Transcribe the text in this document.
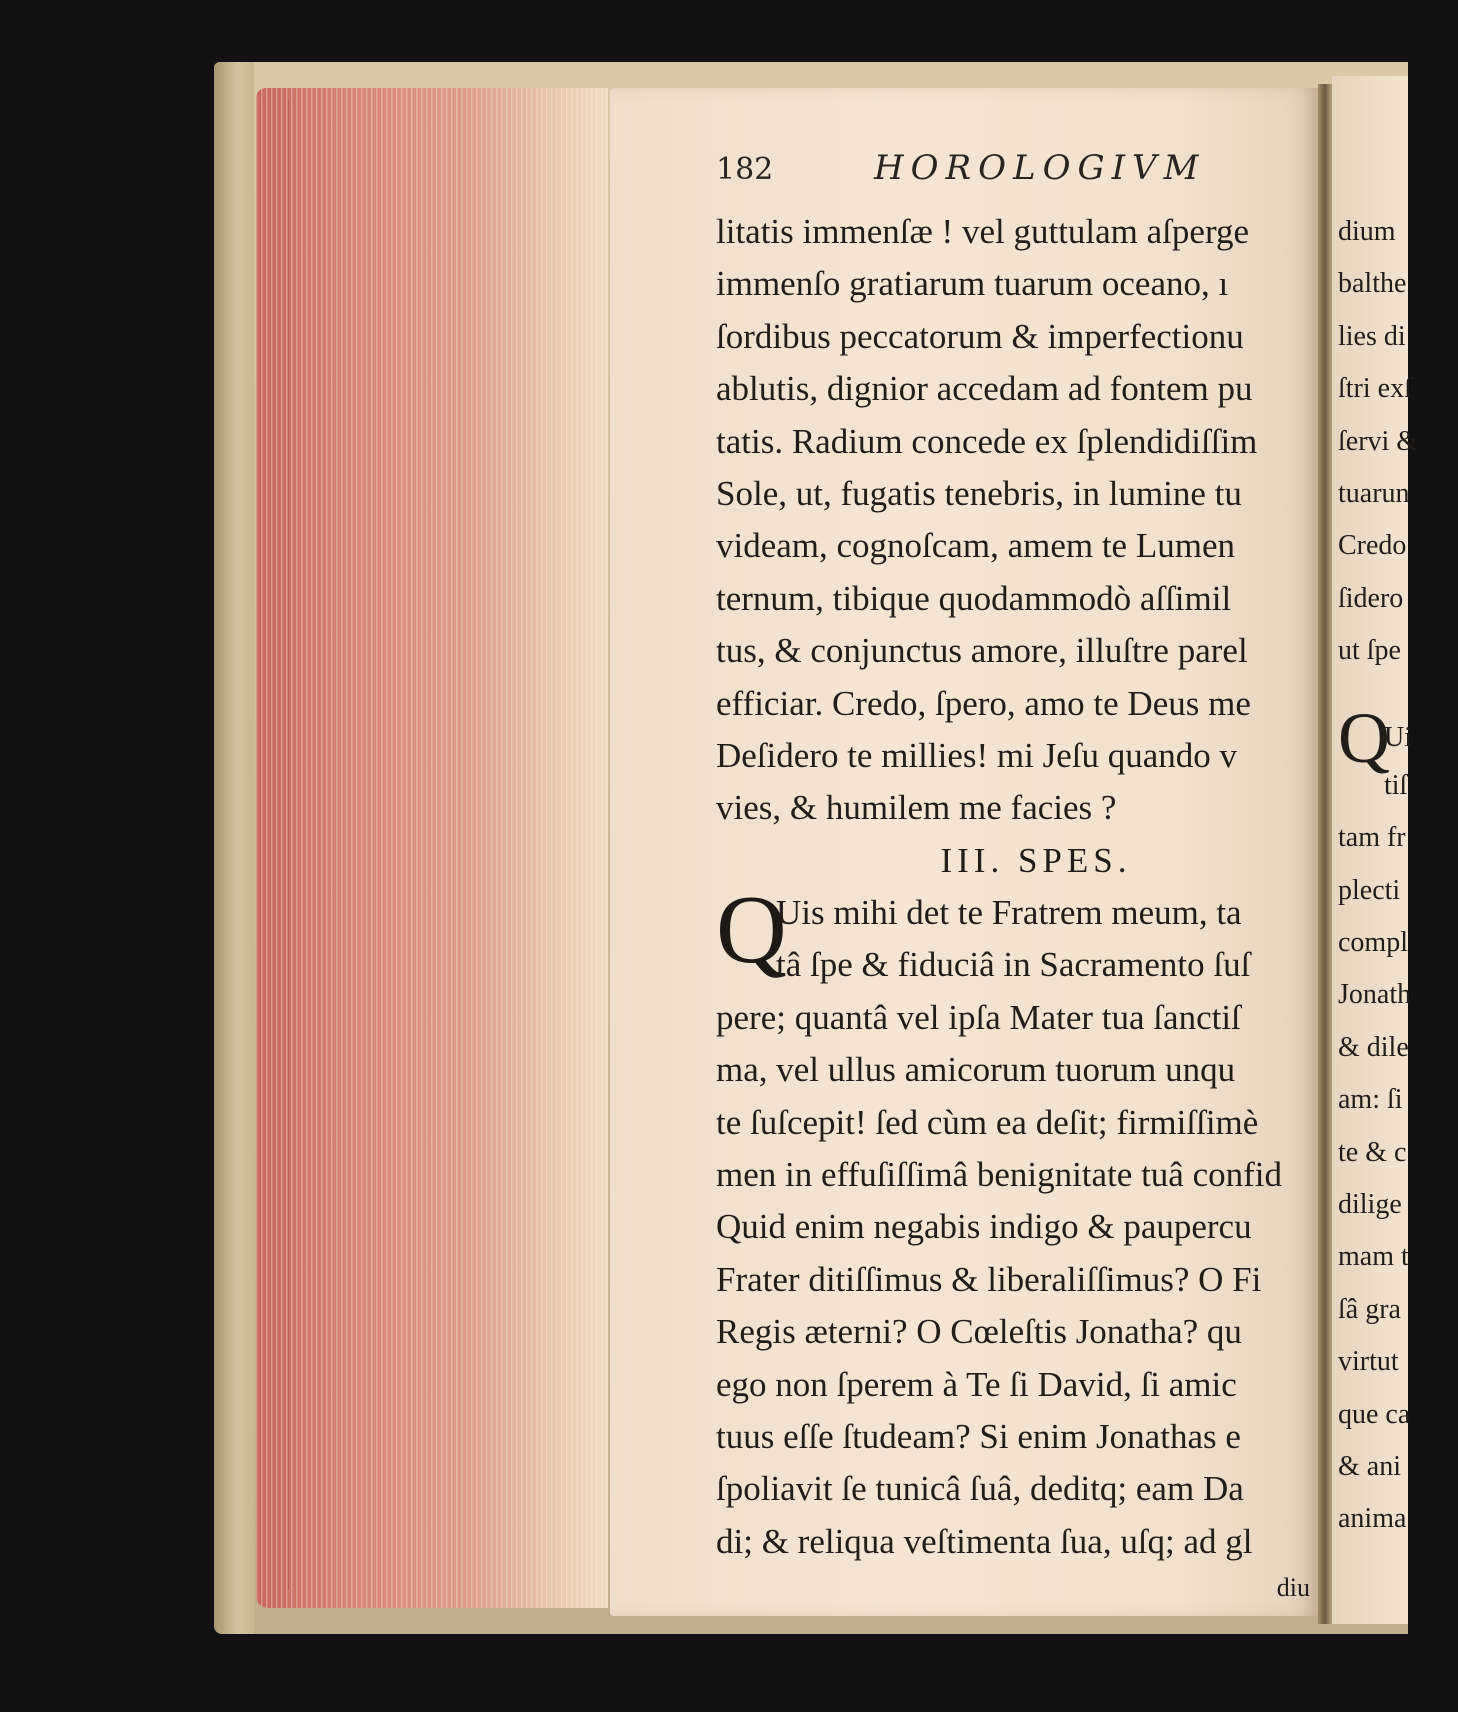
dium
balthe
lies di
ſtri exſ
ſervi &
tuarun
Credo
ſidero
ut ſpe
Q
Ui
tiſ
tam fr
plecti
compl
Jonath
& dile
am: ſi
te & c
dilige
mam t
ſâ gra
virtut
que ca
& ani
anima
182	HOROLOGIVM
litatis immenſæ ! vel guttulam aſperge
immenſo gratiarum tuarum oceano, ı
ſordibus peccatorum & imperfectionu
ablutis, dignior accedam ad fontem pu
tatis. Radium concede ex ſplendidiſſim
Sole, ut, fugatis tenebris, in lumine tu
videam, cognoſcam, amem te Lumen
ternum, tibique quodammodò aſſimil
tus, & conjunctus amore, illuſtre parel
efficiar. Credo, ſpero, amo te Deus me
Deſidero te millies! mi Jeſu quando v
vies, & humilem me facies ?
III. SPES.
Q
Uis mihi det te Fratrem meum, ta
tâ ſpe & fiduciâ in Sacramento ſuſ
pere; quantâ vel ipſa Mater tua ſanctiſ
ma, vel ullus amicorum tuorum unqu
te ſuſcepit! ſed cùm ea deſit; firmiſſimè
men in effuſiſſimâ benignitate tuâ confid
Quid enim negabis indigo & paupercu
Frater ditiſſimus & liberaliſſimus? O Fi
Regis æterni? O Cœleſtis Jonatha? qu
ego non ſperem à Te ſi David, ſi amic
tuus eſſe ſtudeam? Si enim Jonathas e
ſpoliavit ſe tunicâ ſuâ, deditq; eam Da
di; & reliqua veſtimenta ſua, uſq; ad gl
diu
